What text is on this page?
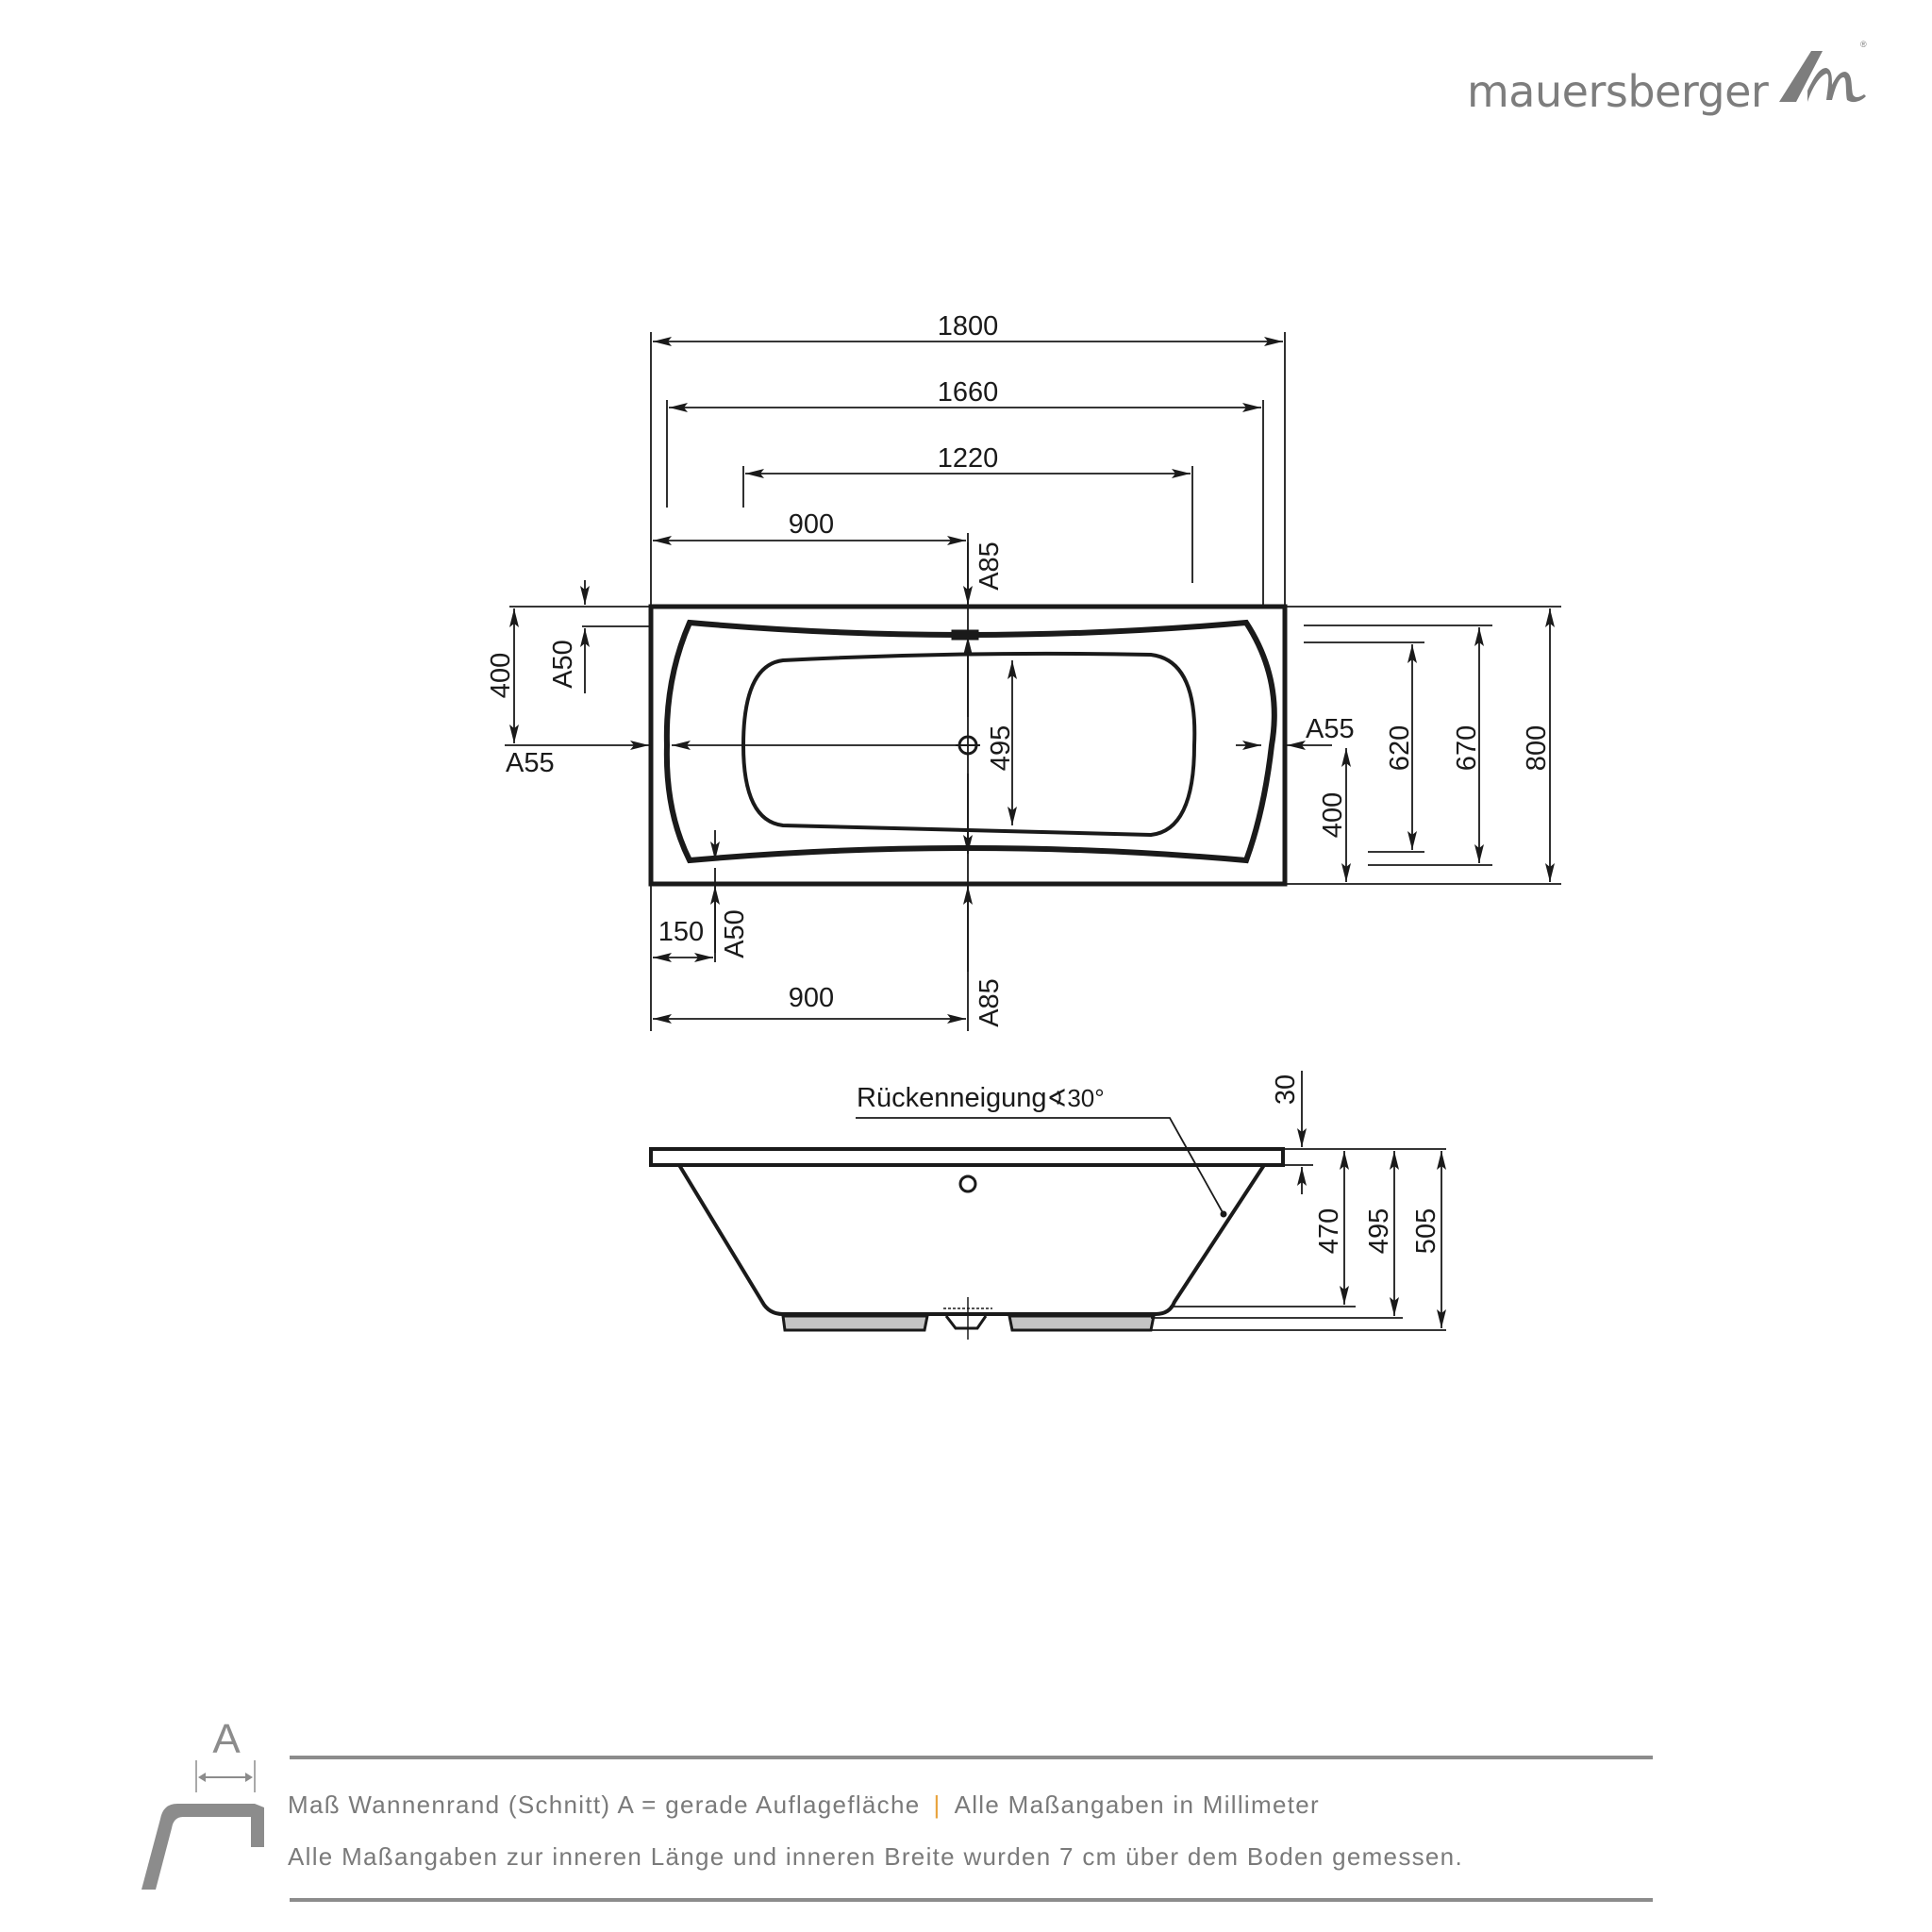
mauersberger
®
1800
1660
1220
900
150
900
400
400
495	620 670 800
A85
A85
A50
A50
A55
A55
Rückenneigung∢30°	30
470 495 505
A
Maß Wannenrand (Schnitt) A = gerade Auflagefläche | Alle Maßangaben in Millimeter
Alle Maßangaben zur inneren Länge und inneren Breite wurden 7 cm über dem Boden gemessen.
